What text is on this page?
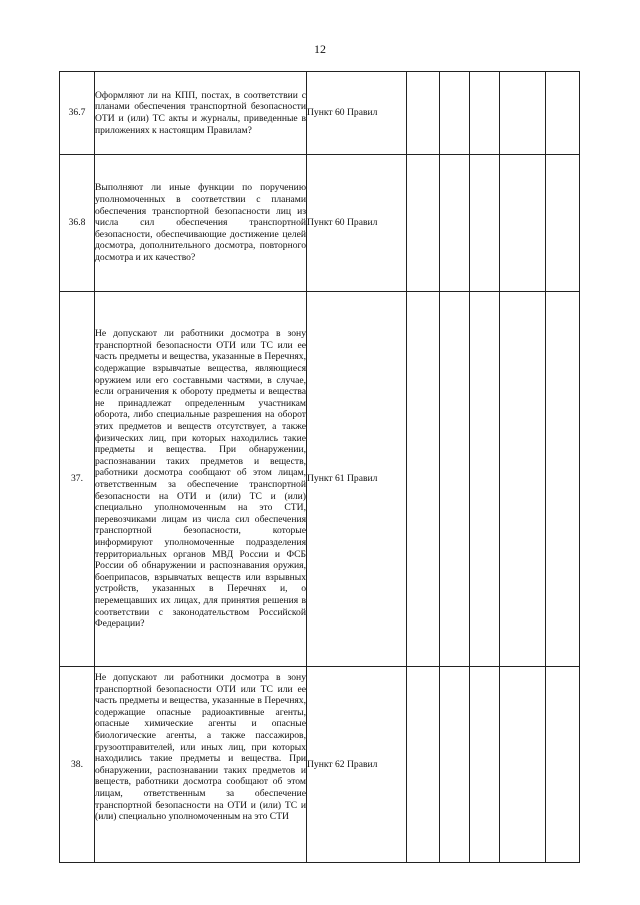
12
36.7	Оформляют ли на КПП, постах, в соответствии с планами обеспечения транспортной безопасности ОТИ и (или) ТС акты и журналы, приведенные в приложениях к настоящим Правилам?	Пункт 60 Правил					
36.8	Выполняют ли иные функции по поручению уполномоченных в соответствии с планами обеспечения транспортной безопасности лиц из числа сил обеспечения транспортной безопасности, обеспечивающие достижение целей досмотра, дополнительного досмотра, повторного досмотра и их качество?	Пункт 60 Правил					
37.	Не допускают ли работники досмотра в зону транспортной безопасности ОТИ или ТС или ее часть предметы и вещества, указанные в Перечнях, содержащие взрывчатые вещества, являющиеся оружием или его составными частями, в случае, если ограничения к обороту предметы и вещества не принадлежат определенным участникам оборота, либо специальные разрешения на оборот этих предметов и веществ отсутствует, а также физических лиц, при которых находились такие предметы и вещества. При обнаружении, распознавании таких предметов и веществ, работники досмотра сообщают об этом лицам, ответственным за обеспечение транспортной безопасности на ОТИ и (или) ТС и (или) специально уполномоченным на это СТИ, перевозчиками лицам из числа сил обеспечения транспортной безопасности, которые информируют уполномоченные подразделения территориальных органов МВД России и ФСБ России об обнаружении и распознавания оружия, боеприпасов, взрывчатых веществ или взрывных устройств, указанных в Перечнях и, о перемещавших их лицах, для принятия решения в соответствии с законодательством Российской Федерации?	Пункт 61 Правил					
38.	Не допускают ли работники досмотра в зону транспортной безопасности ОТИ или ТС или ее часть предметы и вещества, указанные в Перечнях, содержащие опасные радиоактивные агенты, опасные химические агенты и опасные биологические агенты, а также пассажиров, грузоотправителей, или иных лиц, при которых находились такие предметы и вещества. При обнаружении, распознавании таких предметов и веществ, работники досмотра сообщают об этом лицам, ответственным за обеспечение транспортной безопасности на ОТИ и (или) ТС и (или) специально уполномоченным на это СТИ	Пункт 62 Правил					
